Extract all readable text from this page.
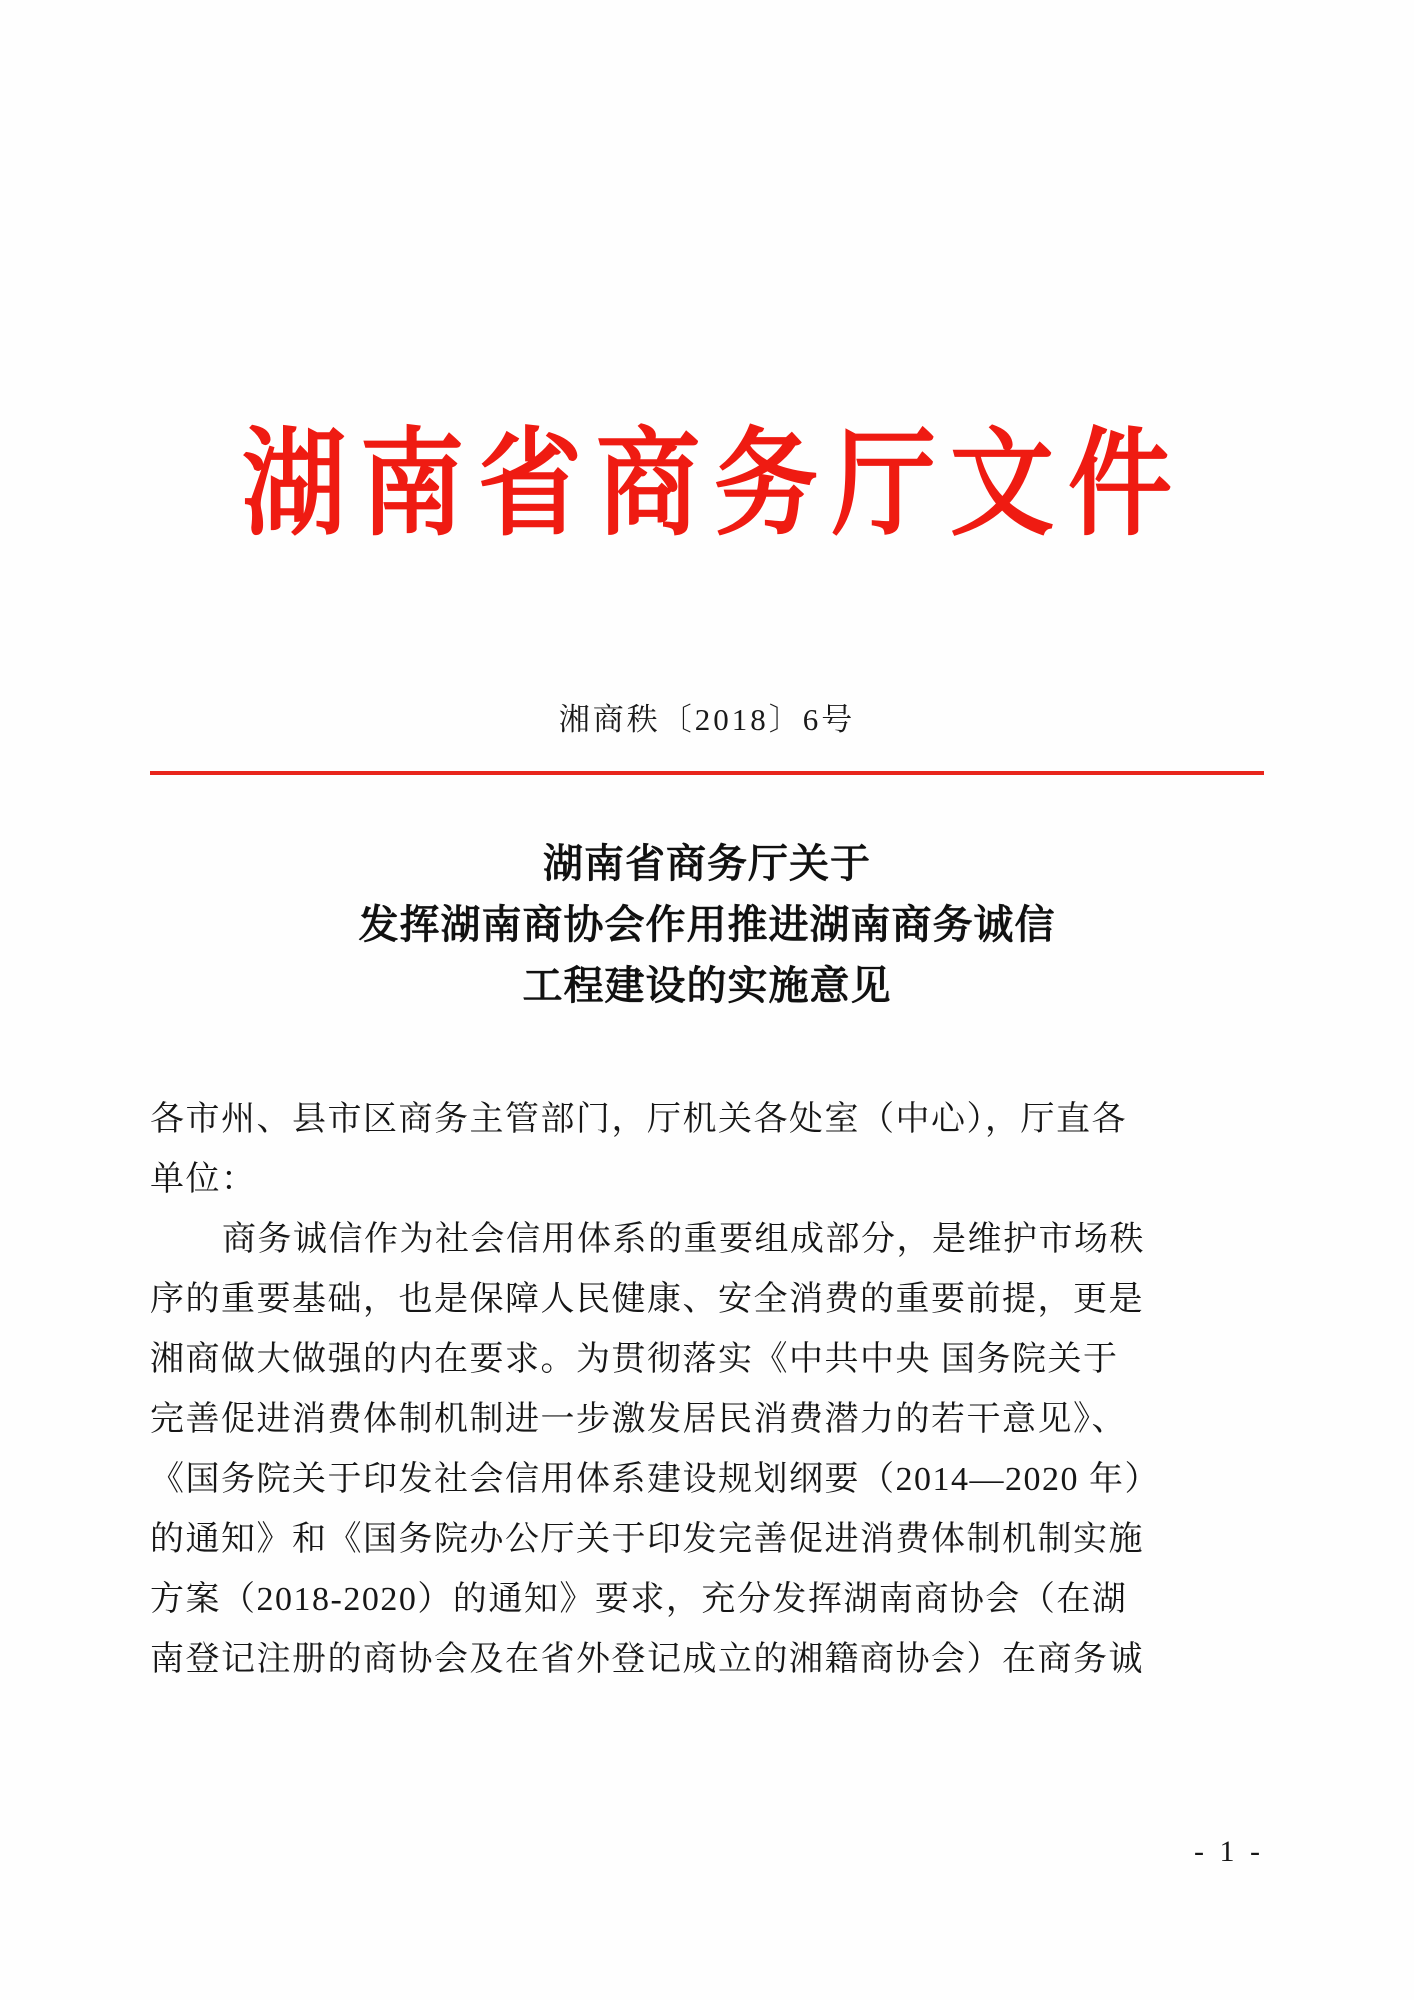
湖南省商务厅文件
湘商秩〔2018〕6号
湖南省商务厅关于
发挥湖南商协会作用推进湖南商务诚信
工程建设的实施意见
各市州、县市区商务主管部门，厅机关各处室（中心），厅直各
单位：
商务诚信作为社会信用体系的重要组成部分，是维护市场秩
序的重要基础，也是保障人民健康、安全消费的重要前提，更是
湘商做大做强的内在要求。为贯彻落实《中共中央 国务院关于
完善促进消费体制机制进一步激发居民消费潜力的若干意见》、
《国务院关于印发社会信用体系建设规划纲要（2014—2020 年）
的通知》和《国务院办公厅关于印发完善促进消费体制机制实施
方案（2018-2020）的通知》要求，充分发挥湖南商协会（在湖
南登记注册的商协会及在省外登记成立的湘籍商协会）在商务诚
- 1 -
